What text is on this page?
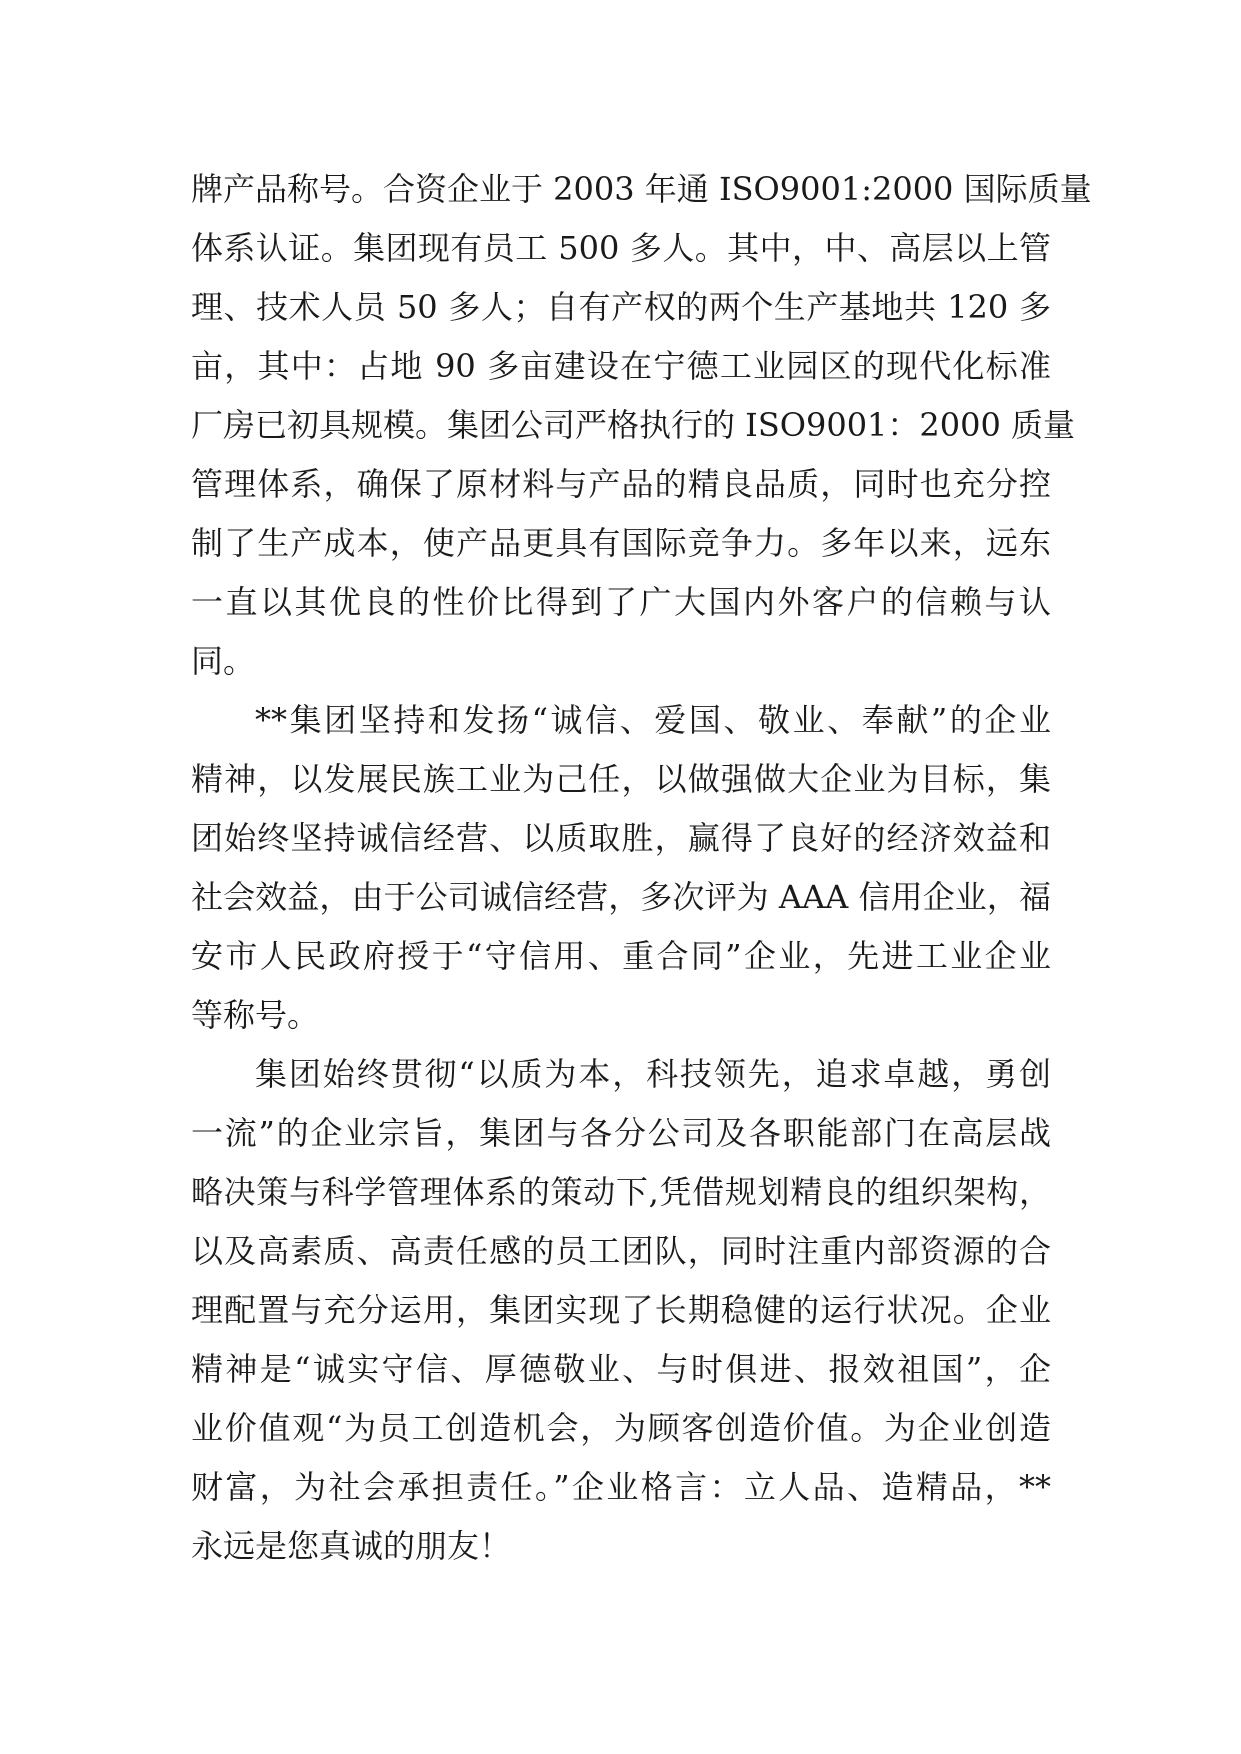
牌产品称号。合资企业于 2003 年通 ISO9001:2000 国际质量
体系认证。集团现有员工 500 多人。其中，中、高层以上管
理、技术人员 50 多人；自有产权的两个生产基地共 120 多
亩，其中：占地 90 多亩建设在宁德工业园区的现代化标准
厂房已初具规模。集团公司严格执行的 ISO9001：2000 质量
管理体系，确保了原材料与产品的精良品质，同时也充分控
制了生产成本，使产品更具有国际竞争力。多年以来，远东
一直以其优良的性价比得到了广大国内外客户的信赖与认
同。
**集团坚持和发扬“诚信、爱国、敬业、奉献”的企业
精神，以发展民族工业为己任，以做强做大企业为目标，集
团始终坚持诚信经营、以质取胜，赢得了良好的经济效益和
社会效益，由于公司诚信经营，多次评为 AAA 信用企业，福
安市人民政府授于“守信用、重合同”企业，先进工业企业
等称号。
集团始终贯彻“以质为本，科技领先，追求卓越，勇创
一流”的企业宗旨，集团与各分公司及各职能部门在高层战
略决策与科学管理体系的策动下,凭借规划精良的组织架构，
以及高素质、高责任感的员工团队，同时注重内部资源的合
理配置与充分运用，集团实现了长期稳健的运行状况。企业
精神是“诚实守信、厚德敬业、与时俱进、报效祖国”，企
业价值观“为员工创造机会，为顾客创造价值。为企业创造
财富，为社会承担责任。”企业格言：立人品、造精品，**
永远是您真诚的朋友！
